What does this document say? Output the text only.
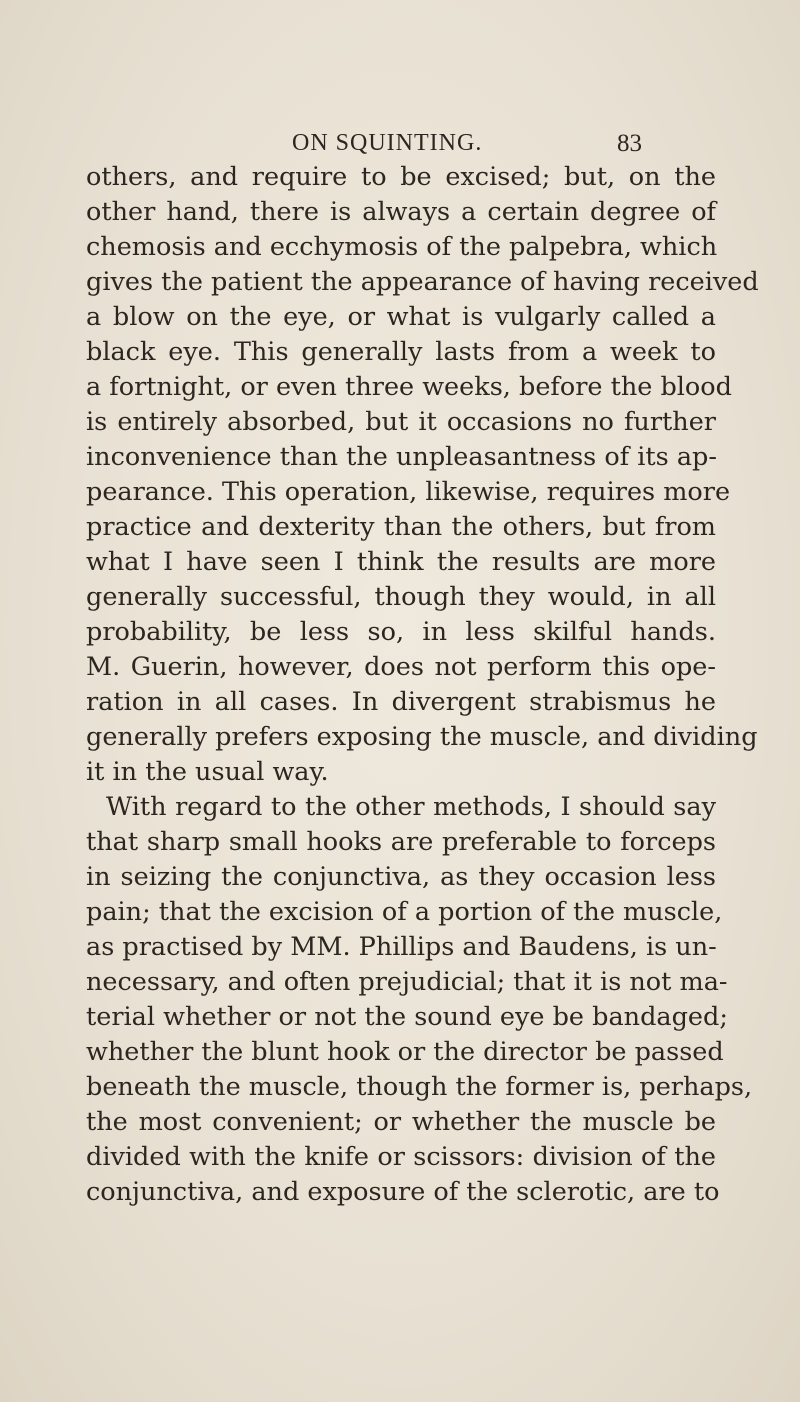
ON SQUINTING.	83
others, and require to be excised; but, on the
other hand, there is always a certain degree of
chemosis and ecchymosis of the palpebra, which
gives the patient the appearance of having received
a blow on the eye, or what is vulgarly called a
black eye. This generally lasts from a week to
a fortnight, or even three weeks, before the blood
is entirely absorbed, but it occasions no further
inconvenience than the unpleasantness of its ap-
pearance. This operation, likewise, requires more
practice and dexterity than the others, but from
what I have seen I think the results are more
generally successful, though they would, in all
probability, be less so, in less skilful hands.
M. Guerin, however, does not perform this ope-
ration in all cases. In divergent strabismus he
generally prefers exposing the muscle, and dividing
it in the usual way.
With regard to the other methods, I should say
that sharp small hooks are preferable to forceps
in seizing the conjunctiva, as they occasion less
pain; that the excision of a portion of the muscle,
as practised by MM. Phillips and Baudens, is un-
necessary, and often prejudicial; that it is not ma-
terial whether or not the sound eye be bandaged;
whether the blunt hook or the director be passed
beneath the muscle, though the former is, perhaps,
the most convenient; or whether the muscle be
divided with the knife or scissors: division of the
conjunctiva, and exposure of the sclerotic, are to
